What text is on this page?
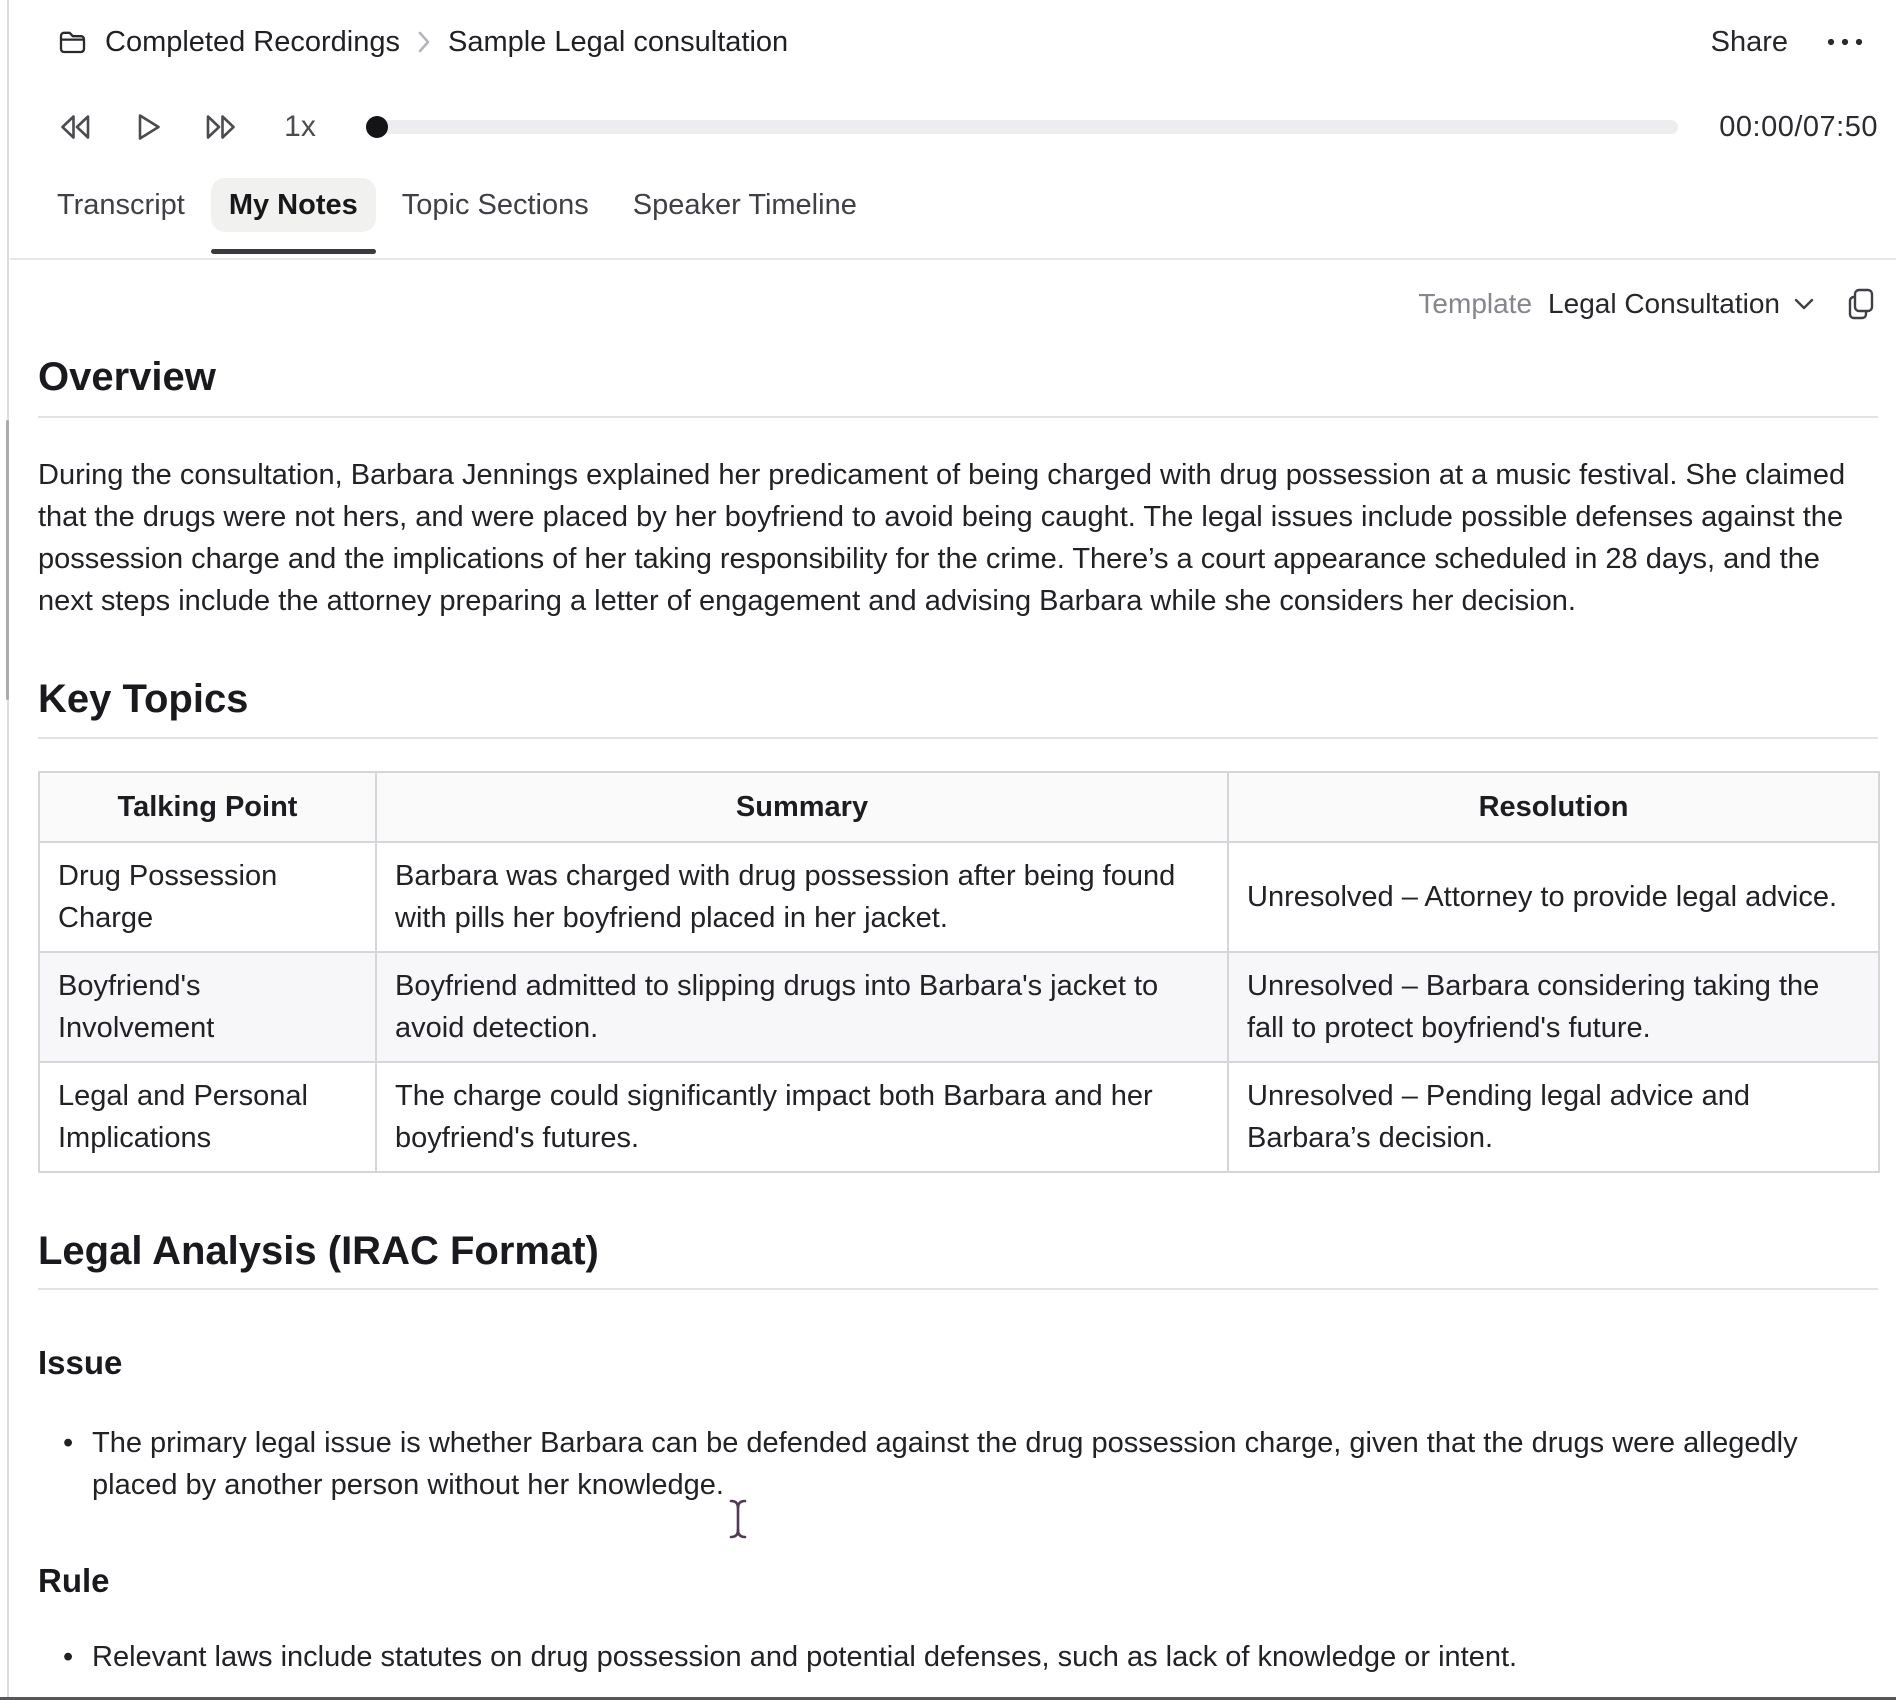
Completed Recordings Sample Legal consultation	Share
1x	00:00/07:50
Transcript	My Notes	Topic Sections	Speaker Timeline
Template Legal Consultation
Overview

During the consultation, Barbara Jennings explained her predicament of being charged with drug possession at a music festival. She claimed that the drugs were not hers, and were placed by her boyfriend to avoid being caught. The legal issues include possible defenses against the possession charge and the implications of her taking responsibility for the crime. There’s a court appearance scheduled in 28 days, and the next steps include the attorney preparing a letter of engagement and advising Barbara while she considers her decision.

Key Topics
Talking Point	Summary	Resolution
Drug Possession Charge	Barbara was charged with drug possession after being found with pills her boyfriend placed in her jacket.	Unresolved – Attorney to provide legal advice.
Boyfriend's Involvement	Boyfriend admitted to slipping drugs into Barbara's jacket to avoid detection.	Unresolved – Barbara considering taking the fall to protect boyfriend's future.
Legal and Personal Implications	The charge could significantly impact both Barbara and her boyfriend's futures.	Unresolved – Pending legal advice and Barbara’s decision.
Legal Analysis (IRAC Format)
Issue
• The primary legal issue is whether Barbara can be defended against the drug possession charge, given that the drugs were allegedly placed by another person without her knowledge.
Rule
• Relevant laws include statutes on drug possession and potential defenses, such as lack of knowledge or intent.
